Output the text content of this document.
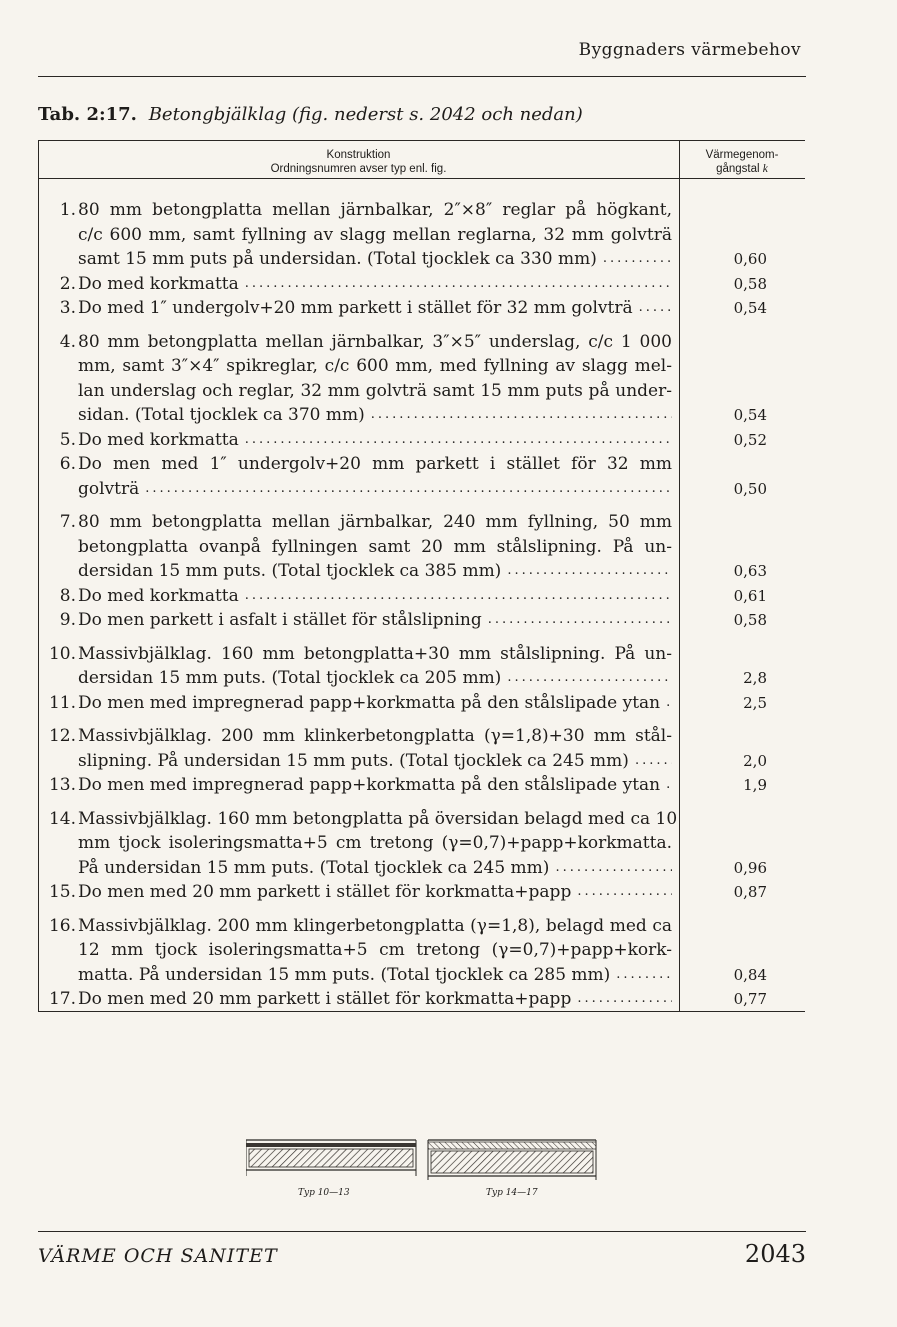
Byggnaders värmebehov
Tab. 2:17. Betongbjälklag (fig. nederst s. 2042 och nedan)
Konstruktion
Ordningsnumren avser typ enl. fig.
Värmegenom-
gångstal k
1. 80 mm betongplatta mellan järnbalkar, 2″×8″ reglar på högkant,
c/c 600 mm, samt fyllning av slagg mellan reglarna, 32 mm golvträ
samt 15 mm puts på undersidan. (Total tjocklek ca 330 mm) .....	0,60
2. Do med korkmatta .....	0,58
3. Do med 1″ undergolv+20 mm parkett i stället för 32 mm golvträ .....	0,54
4. 80 mm betongplatta mellan järnbalkar, 3″×5″ underslag, c/c 1 000
mm, samt 3″×4″ spikreglar, c/c 600 mm, med fyllning av slagg mel-
lan underslag och reglar, 32 mm golvträ samt 15 mm puts på under-
sidan. (Total tjocklek ca 370 mm) .....	0,54
5. Do med korkmatta .....	0,52
6. Do men med 1″ undergolv+20 mm parkett i stället för 32 mm
golvträ .....	0,50
7. 80 mm betongplatta mellan järnbalkar, 240 mm fyllning, 50 mm
betongplatta ovanpå fyllningen samt 20 mm stålslipning. På un-
dersidan 15 mm puts. (Total tjocklek ca 385 mm) .....	0,63
8. Do med korkmatta .....	0,61
9. Do men parkett i asfalt i stället för stålslipning .....	0,58
10. Massivbjälklag. 160 mm betongplatta+30 mm stålslipning. På un-
dersidan 15 mm puts. (Total tjocklek ca 205 mm) .....	2,8
11. Do men med impregnerad papp+korkmatta på den stålslipade ytan .....	2,5
12. Massivbjälklag. 200 mm klinkerbetongplatta (γ=1,8)+30 mm stål-
slipning. På undersidan 15 mm puts. (Total tjocklek ca 245 mm) .....	2,0
13. Do men med impregnerad papp+korkmatta på den stålslipade ytan .....	1,9
14. Massivbjälklag. 160 mm betongplatta på översidan belagd med ca 10
mm tjock isoleringsmatta+5 cm tretong (γ=0,7)+papp+korkmatta.
På undersidan 15 mm puts. (Total tjocklek ca 245 mm) .....	0,96
15. Do men med 20 mm parkett i stället för korkmatta+papp .....	0,87
16. Massivbjälklag. 200 mm klingerbetongplatta (γ=1,8), belagd med ca
12 mm tjock isoleringsmatta+5 cm tretong (γ=0,7)+papp+kork-
matta. På undersidan 15 mm puts. (Total tjocklek ca 285 mm) .....	0,84
17. Do men med 20 mm parkett i stället för korkmatta+papp .....	0,77
Typ 10—13	Typ 14—17
VÄRME OCH SANITET	2043
